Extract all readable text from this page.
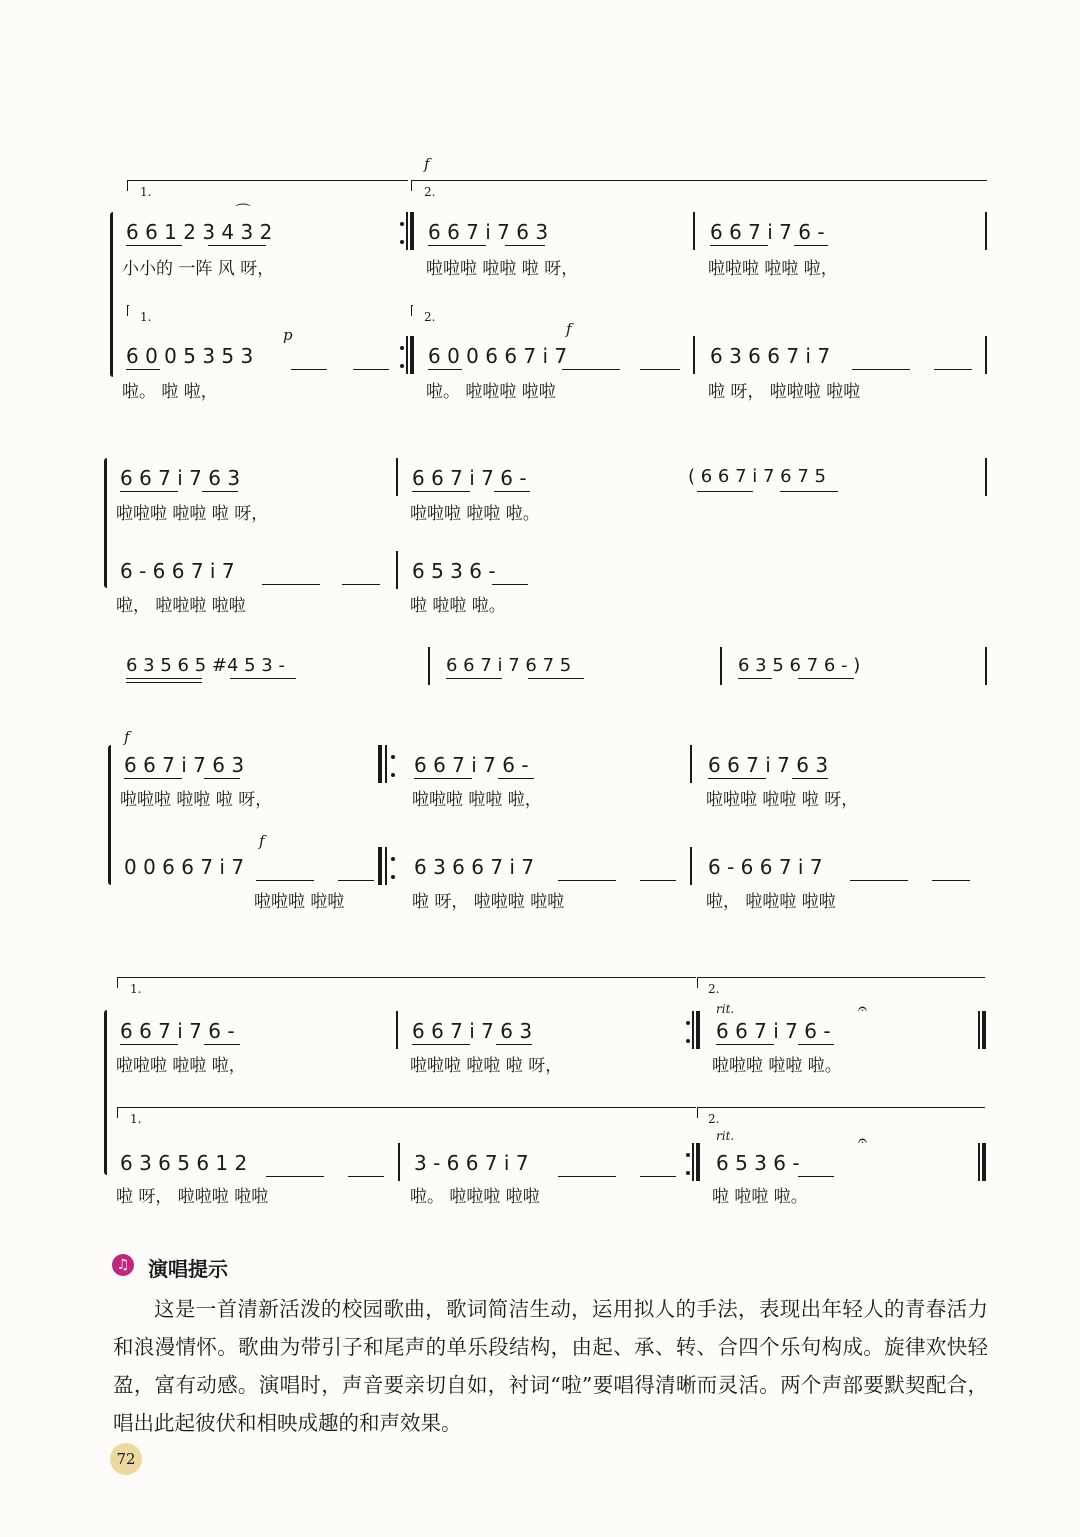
f
1.	2.
6 6 1 2 3 4 3 2
⌒
6 6 7 i 7 6 3	6 6 7 i 7 6 -
小小的 一阵 风 呀，	啦啦啦 啦啦 啦 呀，	啦啦啦 啦啦 啦，
1.	2.
p	f
6 0 0 5 3 5 3	6 0 0 6 6 7 i 7	6 3 6 6 7 i 7
啦。 啦 啦，	啦。 啦啦啦 啦啦	啦 呀， 啦啦啦 啦啦
6 6 7 i 7 6 3	6 6 7 i 7 6 -	( 6 6 7 i 7 6 7 5
啦啦啦 啦啦 啦 呀，	啦啦啦 啦啦 啦。
6 - 6 6 7 i 7	6 5 3 6 -
啦， 啦啦啦 啦啦	啦 啦啦 啦。
6 3 5 6 5 #4 5 3 -	6 6 7 i 7 6 7 5	6 3 5 6 7 6 - )
f
6 6 7 i 7 6 3	6 6 7 i 7 6 -	6 6 7 i 7 6 3
啦啦啦 啦啦 啦 呀，	啦啦啦 啦啦 啦，	啦啦啦 啦啦 啦 呀，
f
0 0 6 6 7 i 7	6 3 6 6 7 i 7	6 - 6 6 7 i 7
啦啦啦 啦啦	啦 呀， 啦啦啦 啦啦	啦， 啦啦啦 啦啦
1.	2.
rit.
6 6 7 i 7 6 -	6 6 7 i 7 6 3	6 6 7 i 7 6 -
𝄐
啦啦啦 啦啦 啦，	啦啦啦 啦啦 啦 呀，	啦啦啦 啦啦 啦。
1.	2.
rit.
6 3 6 5 6 1 2	3 - 6 6 7 i 7	6 5 3 6 -
𝄐
啦 呀， 啦啦啦 啦啦	啦。 啦啦啦 啦啦	啦 啦啦 啦。
♫ 演唱提示
这是一首清新活泼的校园歌曲，歌词简洁生动，运用拟人的手法，表现出年轻人的青春活力和浪漫情怀。歌曲为带引子和尾声的单乐段结构，由起、承、转、合四个乐句构成。旋律欢快轻盈，富有动感。演唱时，声音要亲切自如，衬词“啦”要唱得清晰而灵活。两个声部要默契配合，唱出此起彼伏和相映成趣的和声效果。
72
